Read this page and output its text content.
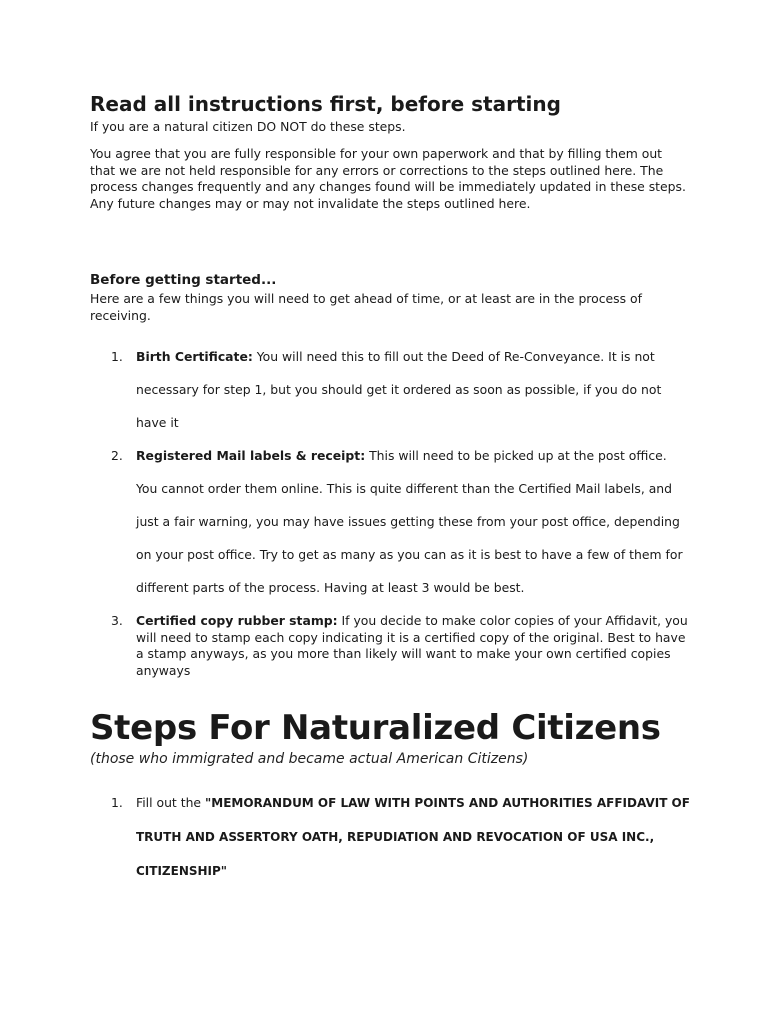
Read all instructions first, before starting

If you are a natural citizen DO NOT do these steps.

You agree that you are fully responsible for your own paperwork and that by filling them out that we are not held responsible for any errors or corrections to the steps outlined here. The process changes frequently and any changes found will be immediately updated in these steps. Any future changes may or may not invalidate the steps outlined here.

Before getting started...

Here are a few things you will need to get ahead of time, or at least are in the process of receiving.

1. Birth Certificate: You will need this to fill out the Deed of Re-Conveyance. It is not necessary for step 1, but you should get it ordered as soon as possible, if you do not have it
2. Registered Mail labels & receipt: This will need to be picked up at the post office. You cannot order them online. This is quite different than the Certified Mail labels, and just a fair warning, you may have issues getting these from your post office, depending on your post office. Try to get as many as you can as it is best to have a few of them for different parts of the process. Having at least 3 would be best.
3. Certified copy rubber stamp: If you decide to make color copies of your Affidavit, you will need to stamp each copy indicating it is a certified copy of the original. Best to have a stamp anyways, as you more than likely will want to make your own certified copies anyways
Steps For Naturalized Citizens

(those who immigrated and became actual American Citizens)

1. Fill out the "MEMORANDUM OF LAW WITH POINTS AND AUTHORITIES AFFIDAVIT OF TRUTH AND ASSERTORY OATH, REPUDIATION AND REVOCATION OF USA INC., CITIZENSHIP"
